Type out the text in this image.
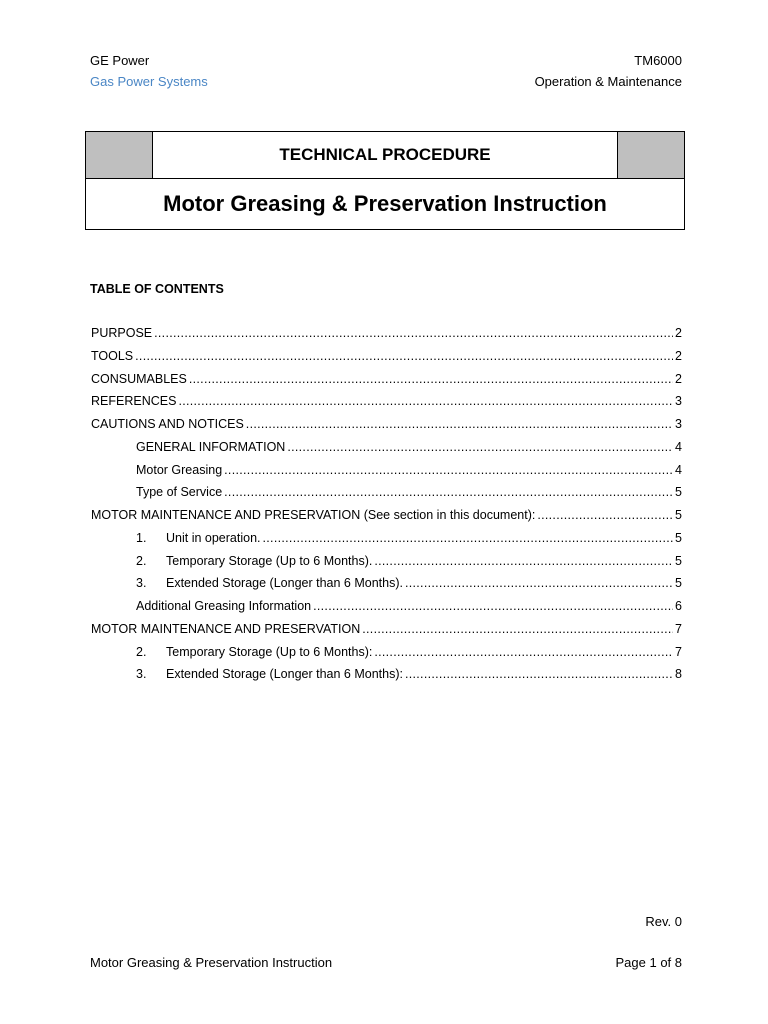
GE Power
Gas Power Systems
TM6000
Operation & Maintenance
TECHNICAL PROCEDURE
Motor Greasing & Preservation Instruction
TABLE OF CONTENTS
PURPOSE .....	2
TOOLS .....	2
CONSUMABLES .....	2
REFERENCES .....	3
CAUTIONS AND NOTICES .....	3
GENERAL INFORMATION .....	4
Motor Greasing .....	4
Type of Service .....	5
MOTOR MAINTENANCE AND PRESERVATION (See section in this document): .....	5
1.	Unit in operation. .....	5
2.	Temporary Storage (Up to 6 Months). .....	5
3.	Extended Storage (Longer than 6 Months). .....	5
Additional Greasing Information .....	6
MOTOR MAINTENANCE AND PRESERVATION .....	7
2.	Temporary Storage (Up to 6 Months): .....	7
3.	Extended Storage (Longer than 6 Months): .....	8
Rev. 0
Motor Greasing & Preservation Instruction	Page 1 of 8
